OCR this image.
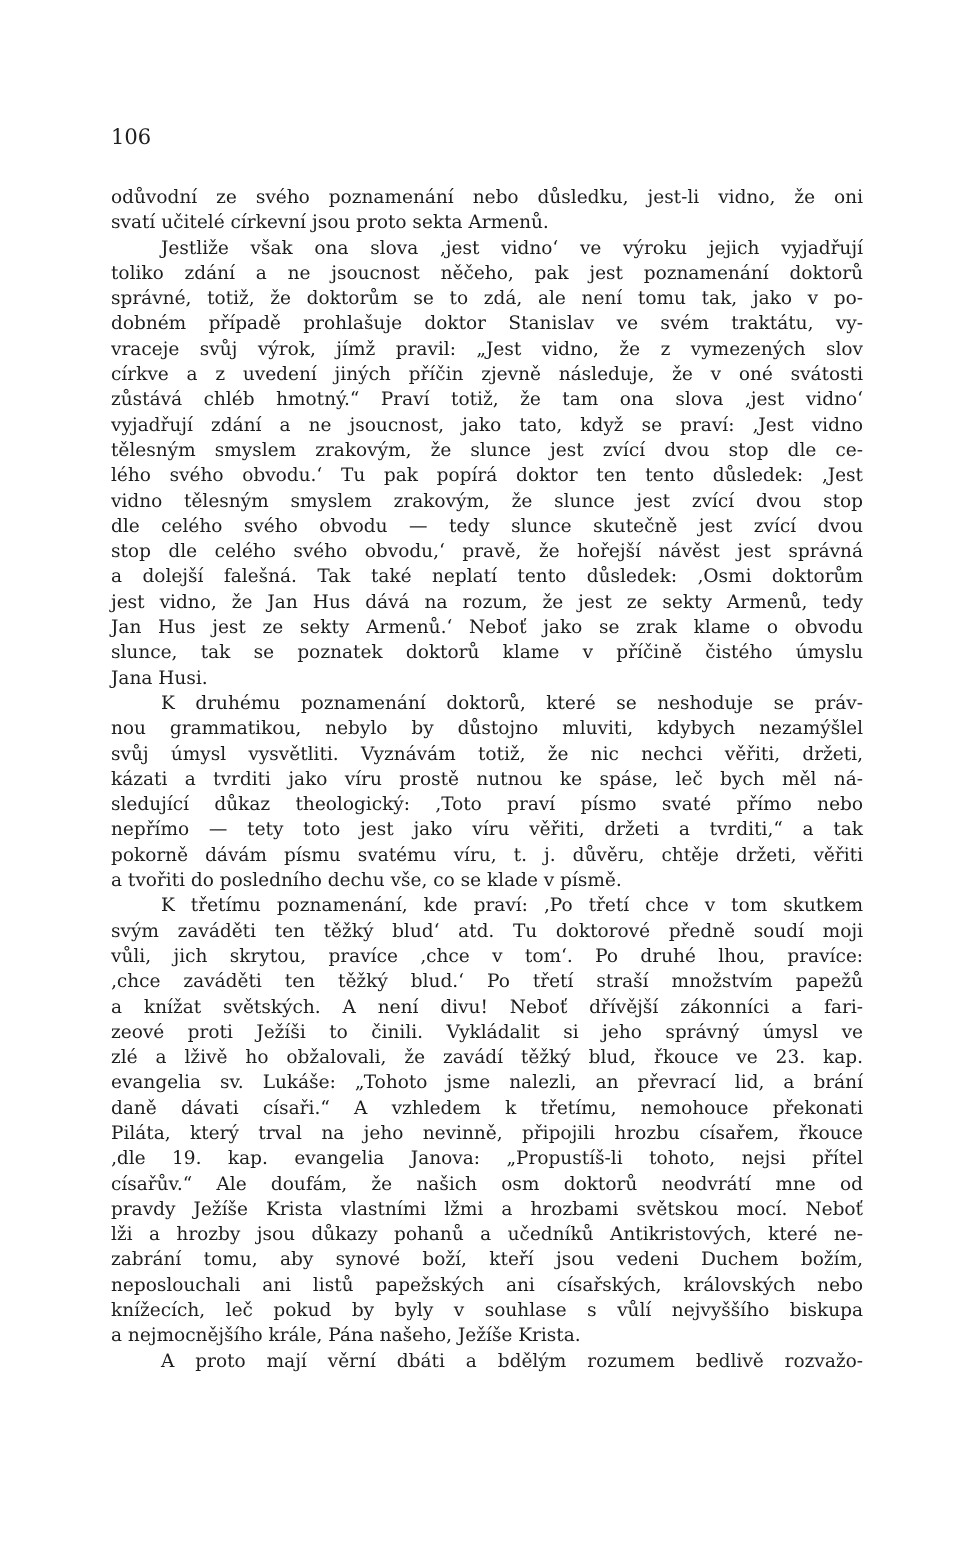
106
odůvodní ze svého poznamenání nebo důsledku, jest-li vidno, že oni
svatí učitelé církevní jsou proto sekta Armenů.
Jestliže však ona slova ‚jest vidno‘ ve výroku jejich vyjadřují
toliko zdání a ne jsoucnost něčeho, pak jest poznamenání doktorů
správné, totiž, že doktorům se to zdá, ale není tomu tak, jako v po-
dobném případě prohlašuje doktor Stanislav ve svém traktátu, vy-
vraceje svůj výrok, jímž pravil: „Jest vidno, že z vymezených slov
církve a z uvedení jiných příčin zjevně následuje, že v oné svátosti
zůstává chléb hmotný.“ Praví totiž, že tam ona slova ‚jest vidno‘
vyjadřují zdání a ne jsoucnost, jako tato, když se praví: ‚Jest vidno
tělesným smyslem zrakovým, že slunce jest zvící dvou stop dle ce-
lého svého obvodu.‘ Tu pak popírá doktor ten tento důsledek: ‚Jest
vidno tělesným smyslem zrakovým, že slunce jest zvící dvou stop
dle celého svého obvodu — tedy slunce skutečně jest zvící dvou
stop dle celého svého obvodu,‘ pravě, že hořejší návěst jest správná
a dolejší falešná. Tak také neplatí tento důsledek: ‚Osmi doktorům
jest vidno, že Jan Hus dává na rozum, že jest ze sekty Armenů, tedy
Jan Hus jest ze sekty Armenů.‘ Neboť jako se zrak klame o obvodu
slunce, tak se poznatek doktorů klame v příčině čistého úmyslu
Jana Husi.
K druhému poznamenání doktorů, které se neshoduje se práv-
nou grammatikou, nebylo by důstojno mluviti, kdybych nezamýšlel
svůj úmysl vysvětliti. Vyznávám totiž, že nic nechci věřiti, držeti,
kázati a tvrditi jako víru prostě nutnou ke spáse, leč bych měl ná-
sledující důkaz theologický: ‚Toto praví písmo svaté přímo nebo
nepřímo — tety toto jest jako víru věřiti, držeti a tvrditi,“ a tak
pokorně dávám písmu svatému víru, t. j. důvěru, chtěje držeti, věřiti
a tvořiti do posledního dechu vše, co se klade v písmě.
K třetímu poznamenání, kde praví: ‚Po třetí chce v tom skutkem
svým zaváděti ten těžký blud‘ atd. Tu doktorové předně soudí moji
vůli, jich skrytou, pravíce ‚chce v tom‘. Po druhé lhou, pravíce:
‚chce zaváděti ten těžký blud.‘ Po třetí straší množstvím papežů
a knížat světských. A není divu! Neboť dřívější zákonníci a fari-
zeové proti Ježíši to činili. Vykládalit si jeho správný úmysl ve
zlé a lživě ho obžalovali, že zavádí těžký blud, řkouce ve 23. kap.
evangelia sv. Lukáše: „Tohoto jsme nalezli, an převrací lid, a brání
daně dávati císaři.“ A vzhledem k třetímu, nemohouce překonati
Piláta, který trval na jeho nevinně, připojili hrozbu císařem, řkouce
‚dle 19. kap. evangelia Janova: „Propustíš-li tohoto, nejsi přítel
císařův.“ Ale doufám, že našich osm doktorů neodvrátí mne od
pravdy Ježíše Krista vlastními lžmi a hrozbami světskou mocí. Neboť
lži a hrozby jsou důkazy pohanů a učedníků Antikristových, které ne-
zabrání tomu, aby synové boží, kteří jsou vedeni Duchem božím,
neposlouchali ani listů papežských ani císařských, královských nebo
knížecích, leč pokud by byly v souhlase s vůlí nejvyššího biskupa
a nejmocnějšího krále, Pána našeho, Ježíše Krista.
A proto mají věrní dbáti a bdělým rozumem bedlivě rozvažo-
